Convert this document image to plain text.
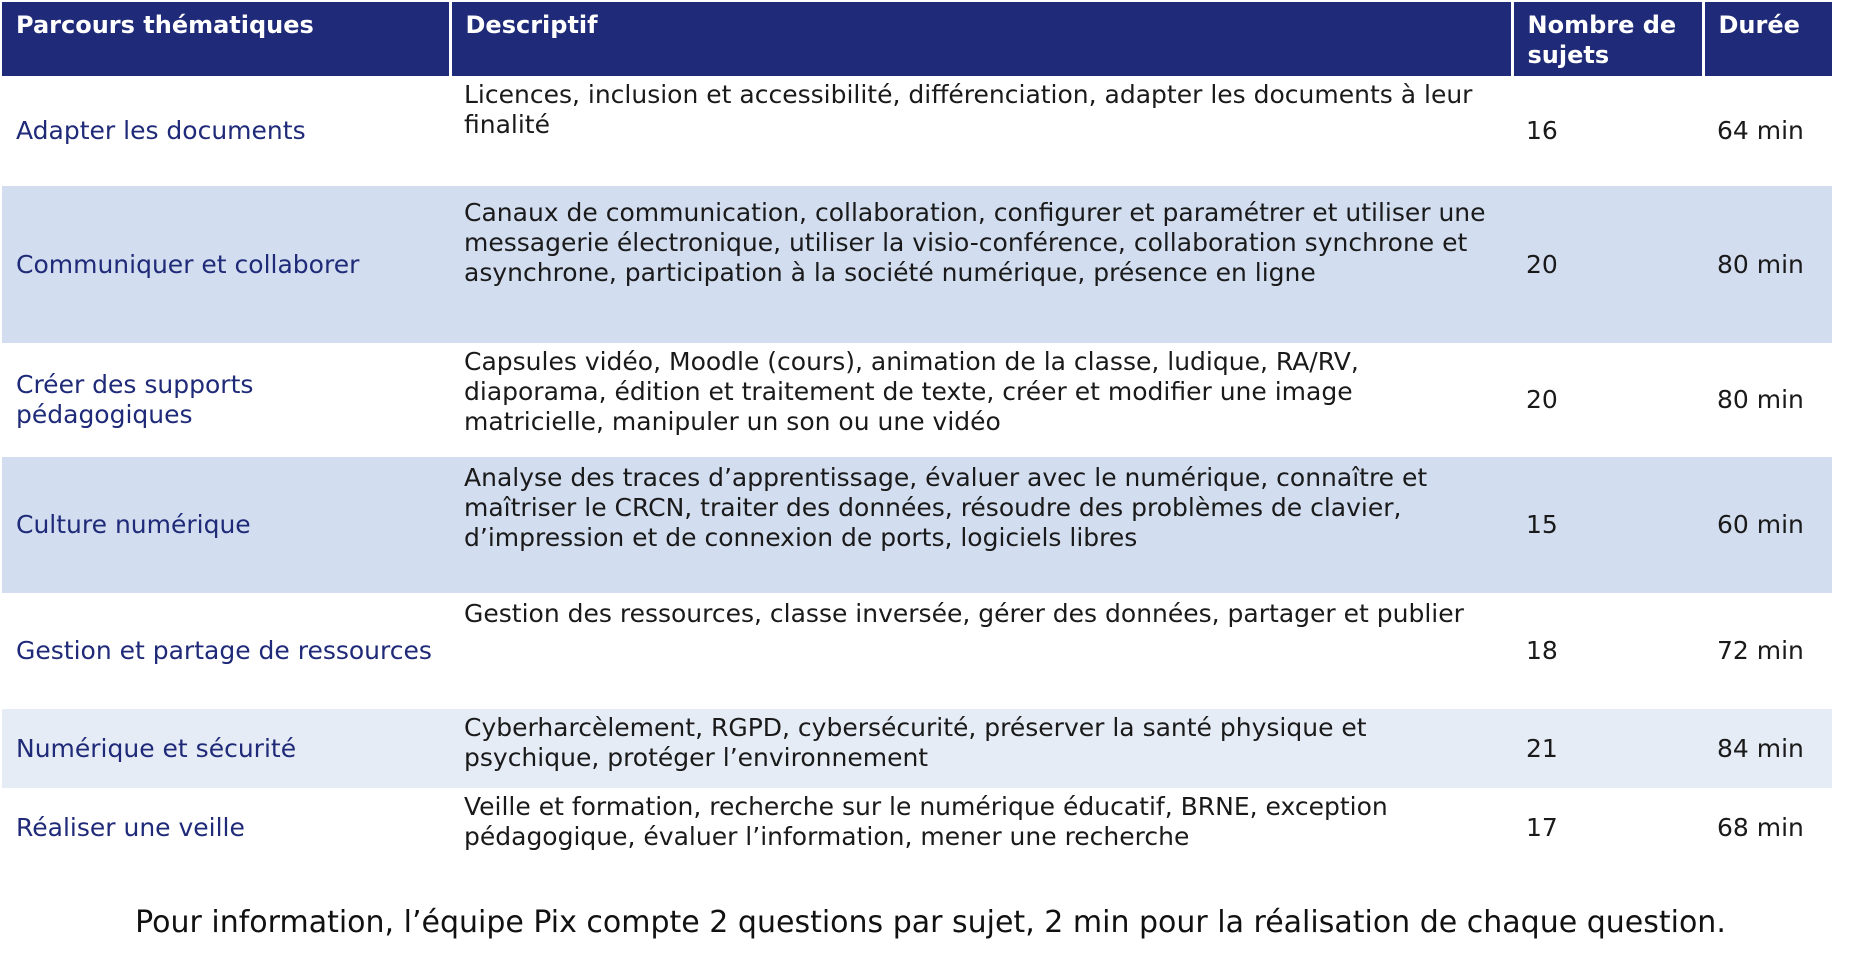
Parcours thématiques	Descriptif	Nombre de sujets	Durée
Adapter les documents	Licences, inclusion et accessibilité, différenciation, adapter les documents à leur finalité	16	64 min
Communiquer et collaborer	Canaux de communication, collaboration, configurer et paramétrer et utiliser une messagerie électronique, utiliser la visio-conférence, collaboration synchrone et asynchrone, participation à la société numérique, présence en ligne	20	80 min
Créer des supports pédagogiques	Capsules vidéo, Moodle (cours), animation de la classe, ludique, RA/RV, diaporama, édition et traitement de texte, créer et modifier une image matricielle, manipuler un son ou une vidéo	20	80 min
Culture numérique	Analyse des traces d’apprentissage, évaluer avec le numérique, connaître et maîtriser le CRCN, traiter des données, résoudre des problèmes de clavier, d’impression et de connexion de ports, logiciels libres	15	60 min
Gestion et partage de ressources	Gestion des ressources, classe inversée, gérer des données, partager et publier	18	72 min
Numérique et sécurité	Cyberharcèlement, RGPD, cybersécurité, préserver la santé physique et psychique, protéger l’environnement	21	84 min
Réaliser une veille	Veille et formation, recherche sur le numérique éducatif, BRNE, exception pédagogique, évaluer l’information, mener une recherche	17	68 min
Pour information, l’équipe Pix compte 2 questions par sujet, 2 min pour la réalisation de chaque question.
